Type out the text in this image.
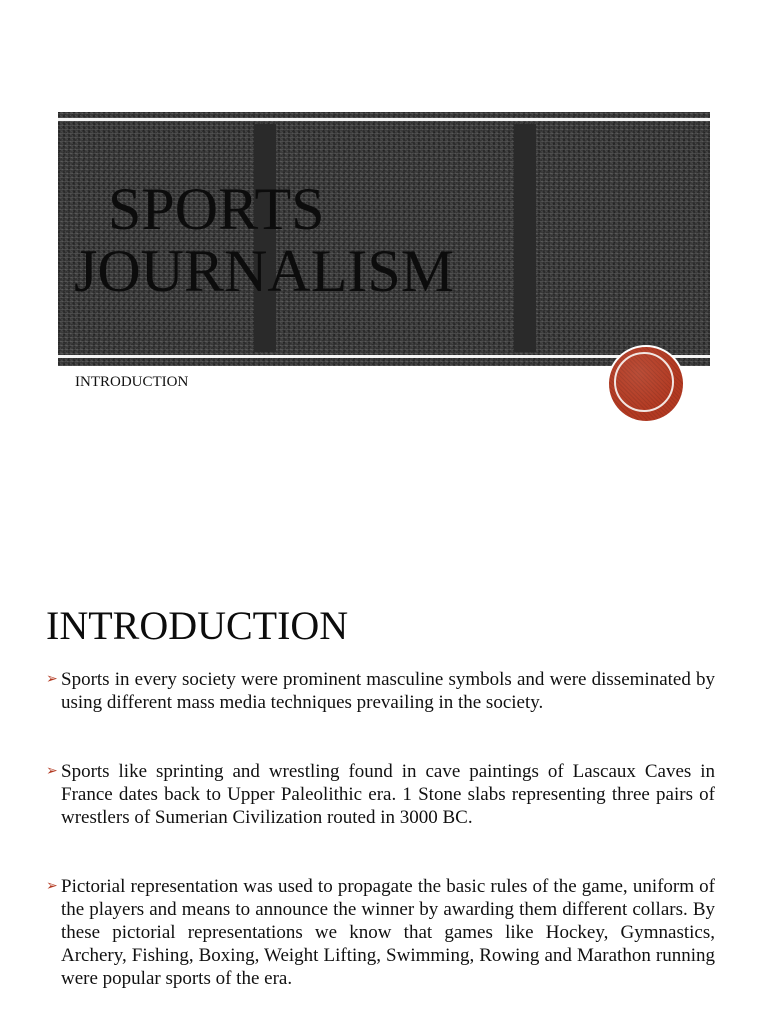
SPORTS
JOURNALISM

INTRODUCTION

INTRODUCTION
➢ Sports in every society were prominent masculine symbols and were disseminated by using different mass media techniques prevailing in the society.
➢ Sports like sprinting and wrestling found in cave paintings of Lascaux Caves in France dates back to Upper Paleolithic era. 1 Stone slabs representing three pairs of wrestlers of Sumerian Civilization routed in 3000 BC.
➢ Pictorial representation was used to propagate the basic rules of the game, uniform of the players and means to announce the winner by awarding them different collars. By these pictorial representations we know that games like Hockey, Gymnastics, Archery, Fishing, Boxing, Weight Lifting, Swimming, Rowing and Marathon running were popular sports of the era.
